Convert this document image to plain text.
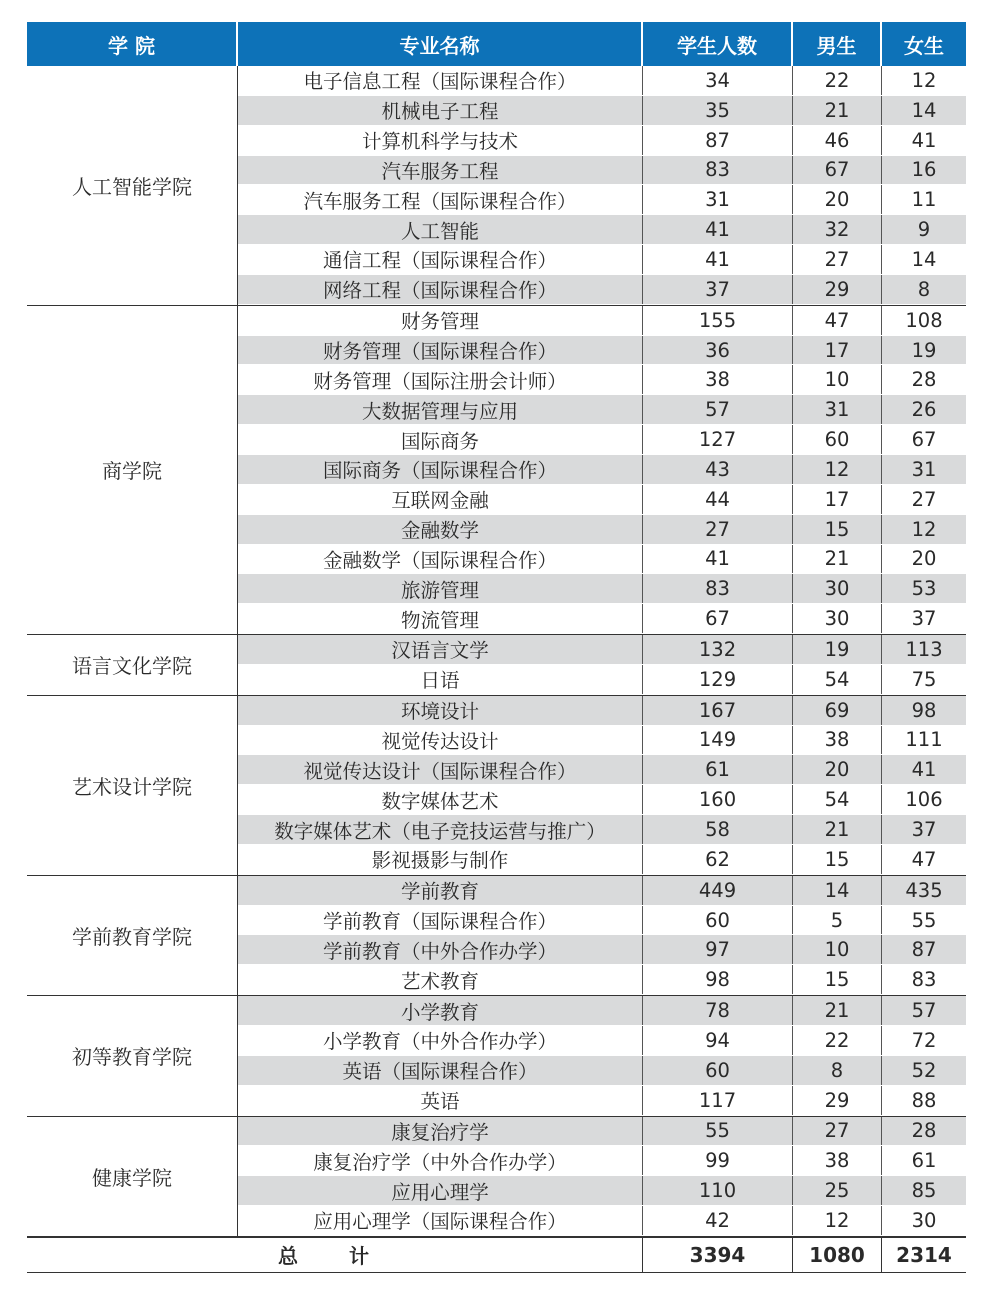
学 院	专业名称	学生人数	男生	女生
人工智能学院
电子信息工程（国际课程合作）	34	22	12
机械电子工程	35	21	14
计算机科学与技术	87	46	41
汽车服务工程	83	67	16
汽车服务工程（国际课程合作）	31	20	11
人工智能	41	32	9
通信工程（国际课程合作）	41	27	14
网络工程（国际课程合作）	37	29	8
商学院
财务管理	155	47	108
财务管理（国际课程合作）	36	17	19
财务管理（国际注册会计师）	38	10	28
大数据管理与应用	57	31	26
国际商务	127	60	67
国际商务（国际课程合作）	43	12	31
互联网金融	44	17	27
金融数学	27	15	12
金融数学（国际课程合作）	41	21	20
旅游管理	83	30	53
物流管理	67	30	37
语言文化学院
汉语言文学	132	19	113
日语	129	54	75
艺术设计学院
环境设计	167	69	98
视觉传达设计	149	38	111
视觉传达设计（国际课程合作）	61	20	41
数字媒体艺术	160	54	106
数字媒体艺术（电子竞技运营与推广）	58	21	37
影视摄影与制作	62	15	47
学前教育学院
学前教育	449	14	435
学前教育（国际课程合作）	60	5	55
学前教育（中外合作办学）	97	10	87
艺术教育	98	15	83
初等教育学院
小学教育	78	21	57
小学教育（中外合作办学）	94	22	72
英语（国际课程合作）	60	8	52
英语	117	29	88
健康学院
康复治疗学	55	27	28
康复治疗学（中外合作办学）	99	38	61
应用心理学	110	25	85
应用心理学（国际课程合作）	42	12	30
总 计	3394	1080	2314
